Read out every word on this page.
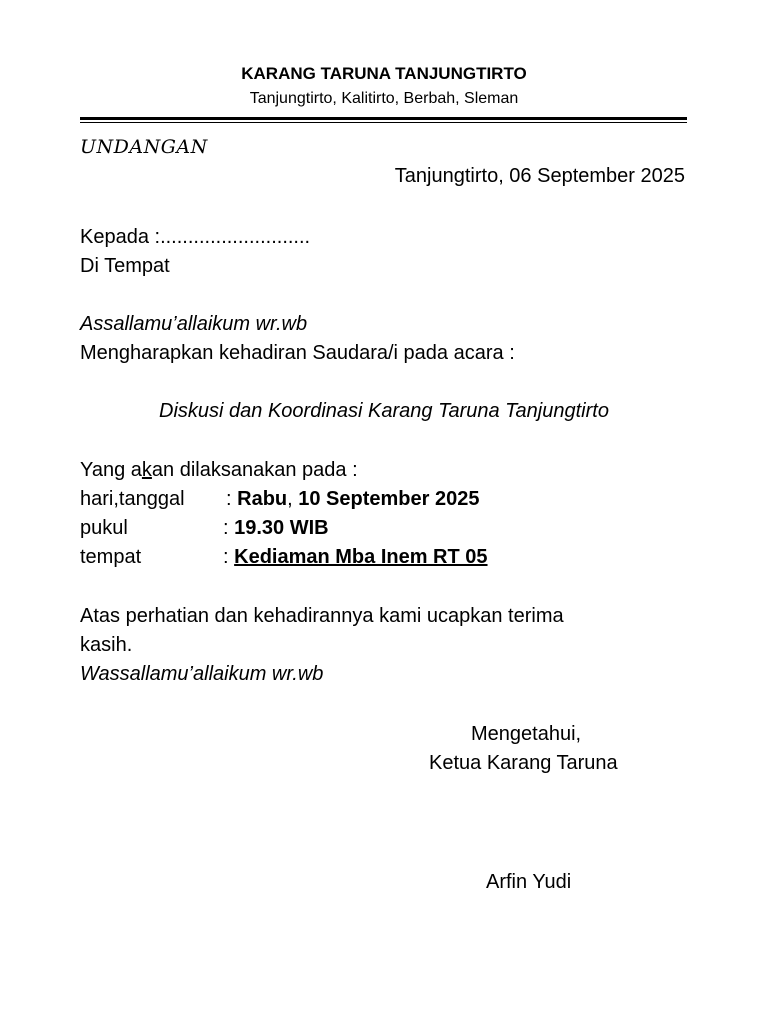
KARANG TARUNA TANJUNGTIRTO
Tanjungtirto, Kalitirto, Berbah, Sleman
UNDANGAN
Tanjungtirto, 06 September 2025
Kepada :...........................
Di Tempat
Assallamu’allaikum wr.wb
Mengharapkan kehadiran Saudara/i pada acara :
Diskusi dan Koordinasi Karang Taruna Tanjungtirto
Yang akan dilaksanakan pada :
hari,tanggal : Rabu, 10 September 2025
pukul	: 19.30 WIB
tempat	: Kediaman Mba Inem RT 05
Atas perhatian dan kehadirannya kami ucapkan terima
kasih.
Wassallamu’allaikum wr.wb
Mengetahui,
Ketua Karang Taruna
Arfin Yudi
